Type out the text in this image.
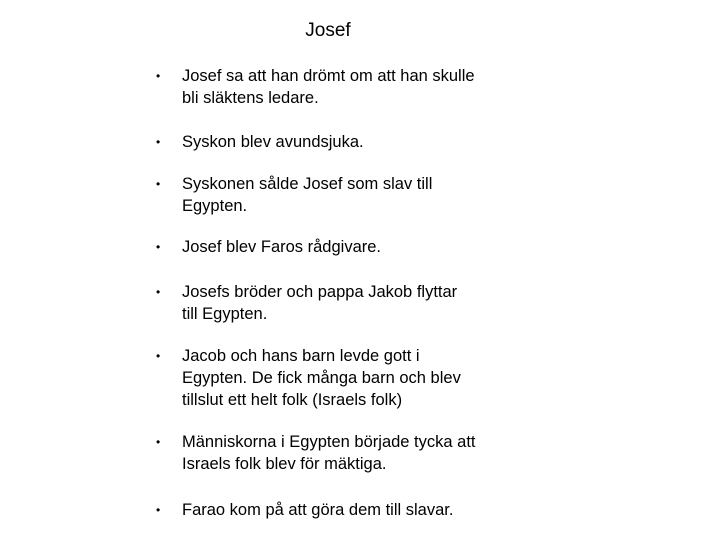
Josef
• Josef sa att han drömt om att han skulle
bli släktens ledare.
• Syskon blev avundsjuka.
• Syskonen sålde Josef som slav till
Egypten.
• Josef blev Faros rådgivare.
• Josefs bröder och pappa Jakob flyttar
till Egypten.
• Jacob och hans barn levde gott i
Egypten. De fick många barn och blev
tillslut ett helt folk (Israels folk)
• Människorna i Egypten började tycka att
Israels folk blev för mäktiga.
• Farao kom på att göra dem till slavar.
